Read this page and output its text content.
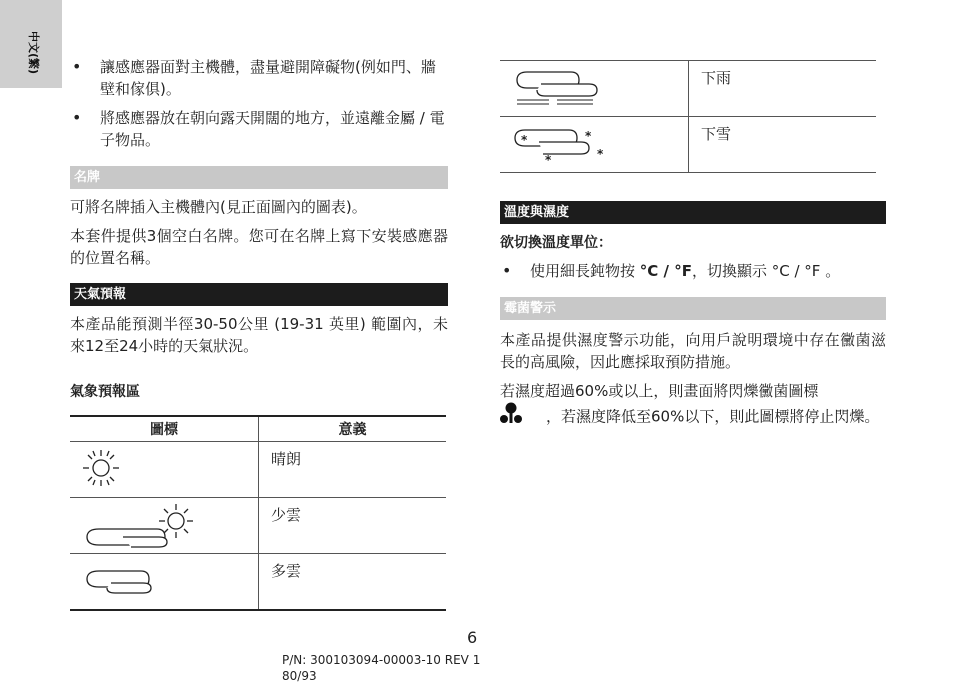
中文(繁)	• 讓感應器面對主機體，盡量避開障礙物(例如門、牆壁和傢俱)。
• 將感應器放在朝向露天開闊的地方，並遠離金屬 / 電子物品。
名牌

可將名牌插入主機體內(見正面圖內的圖表)。

本套件提供3個空白名牌。您可在名牌上寫下安裝感應器的位置名稱。

天氣預報

本產品能預測半徑30-50公里 (19-31 英里) 範圍內，未來12至24小時的天氣狀況。

氣象預報區

圖標	意義

	晴朗

	少雲

	多雲
	下雨

* *
* *	下雪
溫度與濕度

欲切換溫度單位：

• 使用細長鈍物按 °C / °F，切換顯示 °C / °F 。
霉菌警示

本產品提供濕度警示功能，向用戶說明環境中存在黴菌滋長的高風險，因此應採取預防措施。

若濕度超過60%或以上，則畫面將閃爍黴菌圖標
，若濕度降低至60%以下，則此圖標將停止閃爍。

6
P/N: 300103094-00003-10 REV 1
80/93
